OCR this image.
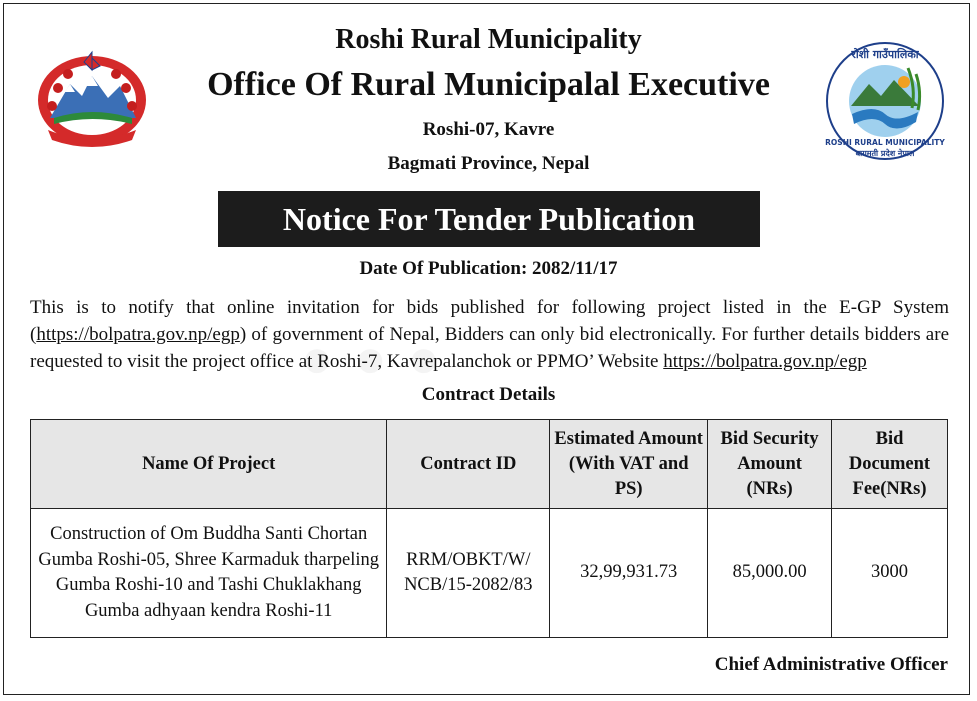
रोशी गाउँपालिका
ROSHI RURAL MUNICIPALITY
बागमती प्रदेश नेपाल
Roshi Rural Municipality
Office Of Rural Municipalal Executive
Roshi-07, Kavre
Bagmati Province, Nepal
Notice For Tender Publication
Date Of Publication: 2082/11/17
This is to notify that online invitation for bids published for following project listed in the E-GP System (https://bolpatra.gov.np/egp) of government of Nepal, Bidders can only bid electronically. For further details bidders are requested to visit the project office at Roshi-7, Kavrepalanchok or PPMO’ Website https://bolpatra.gov.np/egp
Contract Details
Name Of Project	Contract ID	Estimated Amount (With VAT and PS)	Bid Security Amount (NRs)	Bid Document Fee(NRs)
Construction of Om Buddha Santi Chortan Gumba Roshi-05, Shree Karmaduk tharpeling Gumba Roshi-10 and Tashi Chuklakhang Gumba adhyaan kendra Roshi-11	RRM/OBKT/W/ NCB/15-2082/83	32,99,931.73	85,000.00	3000
Chief Administrative Officer
